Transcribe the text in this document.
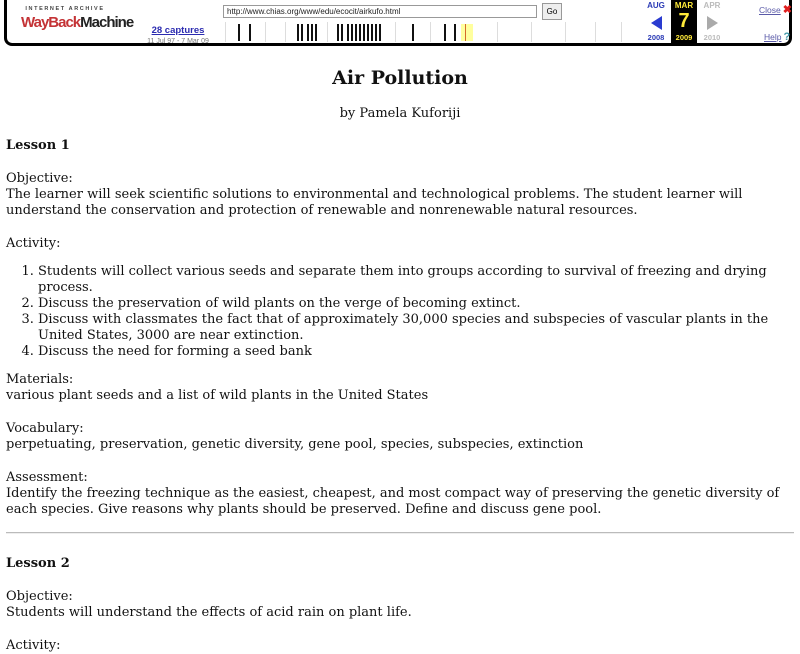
INTERNET ARCHIVE
WayBackMachine	28 captures
11 Jul 97 - 7 Mar 09
http://www.chias.org/www/edu/ecocit/airkufo.html
Go
AUG
2008
MAR
7
2009
APR
2010
Close ✖
Help ?
Air Pollution

by Pamela Kuforiji

Lesson 1

Objective:

The learner will seek scientific solutions to environmental and technological problems. The student learner will understand the conservation and protection of renewable and nonrenewable natural resources.

Activity:

1. Students will collect various seeds and separate them into groups according to survival of freezing and drying process.
2. Discuss the preservation of wild plants on the verge of becoming extinct.
3. Discuss with classmates the fact that of approximately 30,000 species and subspecies of vascular plants in the United States, 3000 are near extinction.
4. Discuss the need for forming a seed bank

Materials:

various plant seeds and a list of wild plants in the United States

Vocabulary:

perpetuating, preservation, genetic diversity, gene pool, species, subspecies, extinction

Assessment:

Identify the freezing technique as the easiest, cheapest, and most compact way of preserving the genetic diversity of each species. Give reasons why plants should be preserved. Define and discuss gene pool.

Lesson 2

Objective:

Students will understand the effects of acid rain on plant life.

Activity:
